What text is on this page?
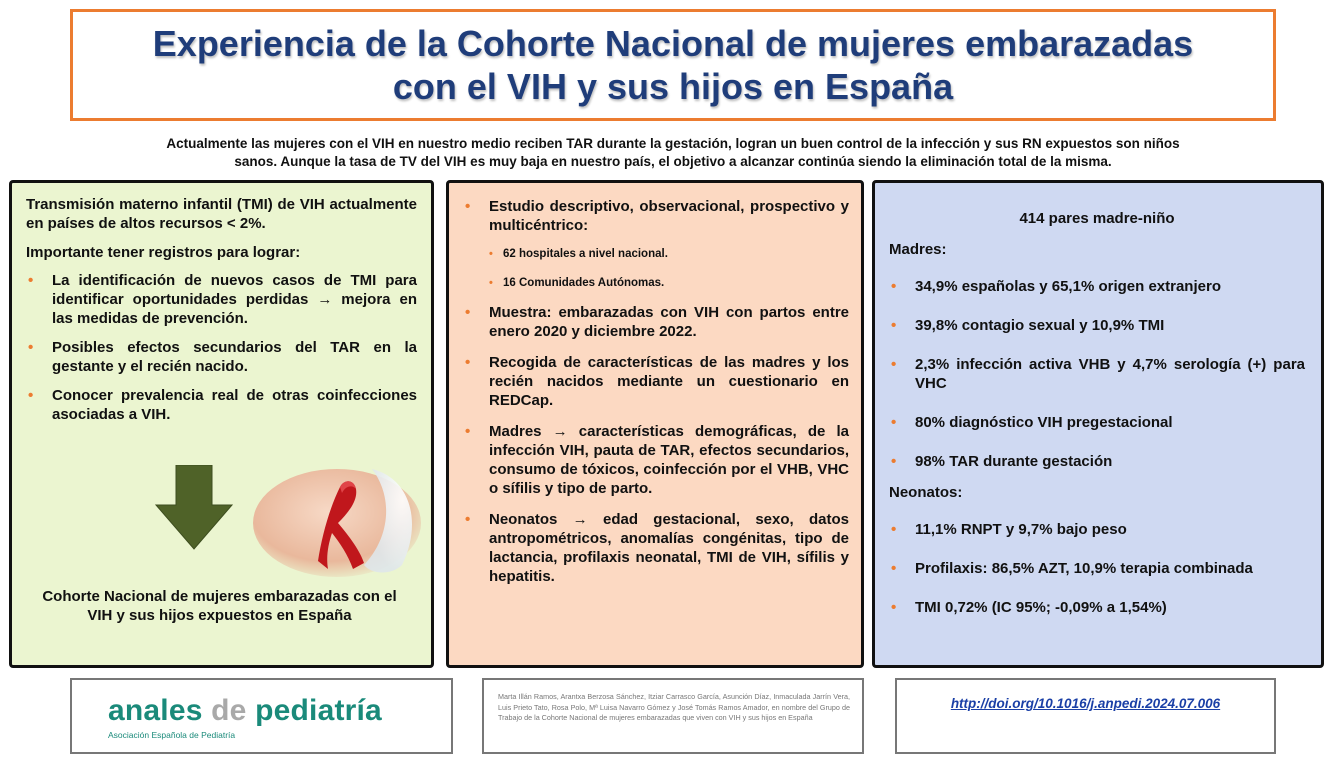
Experiencia de la Cohorte Nacional de mujeres embarazadas
con el VIH y sus hijos en España
Actualmente las mujeres con el VIH en nuestro medio reciben TAR durante la gestación, logran un buen control de la infección y sus RN expuestos son niños
sanos. Aunque la tasa de TV del VIH es muy baja en nuestro país, el objetivo a alcanzar continúa siendo la eliminación total de la misma.
Transmisión materno infantil (TMI) de VIH actualmente en países de altos recursos < 2%.
Importante tener registros para lograr:
• La identificación de nuevos casos de TMI para identificar oportunidades perdidas → mejora en las medidas de prevención.
• Posibles efectos secundarios del TAR en la gestante y el recién nacido.
• Conocer prevalencia real de otras coinfecciones asociadas a VIH.
Cohorte Nacional de mujeres embarazadas con el VIH y sus hijos expuestos en España
• Estudio descriptivo, observacional, prospectivo y multicéntrico:
• 62 hospitales a nivel nacional.
• 16 Comunidades Autónomas.
• Muestra: embarazadas con VIH con partos entre enero 2020 y diciembre 2022.
• Recogida de características de las madres y los recién nacidos mediante un cuestionario en REDCap.
• Madres → características demográficas, de la infección VIH, pauta de TAR, efectos secundarios, consumo de tóxicos, coinfección por el VHB, VHC o sífilis y tipo de parto.
• Neonatos → edad gestacional, sexo, datos antropométricos, anomalías congénitas, tipo de lactancia, profilaxis neonatal, TMI de VIH, sífilis y hepatitis.
414 pares madre-niño
Madres:
• 34,9% españolas y 65,1% origen extranjero
• 39,8% contagio sexual y 10,9% TMI
• 2,3% infección activa VHB y 4,7% serología (+) para VHC
• 80% diagnóstico VIH pregestacional
• 98% TAR durante gestación
Neonatos:
• 11,1% RNPT y 9,7% bajo peso
• Profilaxis: 86,5% AZT, 10,9% terapia combinada
• TMI 0,72% (IC 95%; -0,09% a 1,54%)
anales de pediatría
Asociación Española de Pediatría
Marta Illán Ramos, Arantxa Berzosa Sánchez, Itziar Carrasco García, Asunción Díaz, Inmaculada Jarrín Vera, Luis Prieto Tato, Rosa Polo, Mª Luisa Navarro Gómez y José Tomás Ramos Amador, en nombre del Grupo de Trabajo de la Cohorte Nacional de mujeres embarazadas que viven con VIH y sus hijos en España
http://doi.org/10.1016/j.anpedi.2024.07.006
